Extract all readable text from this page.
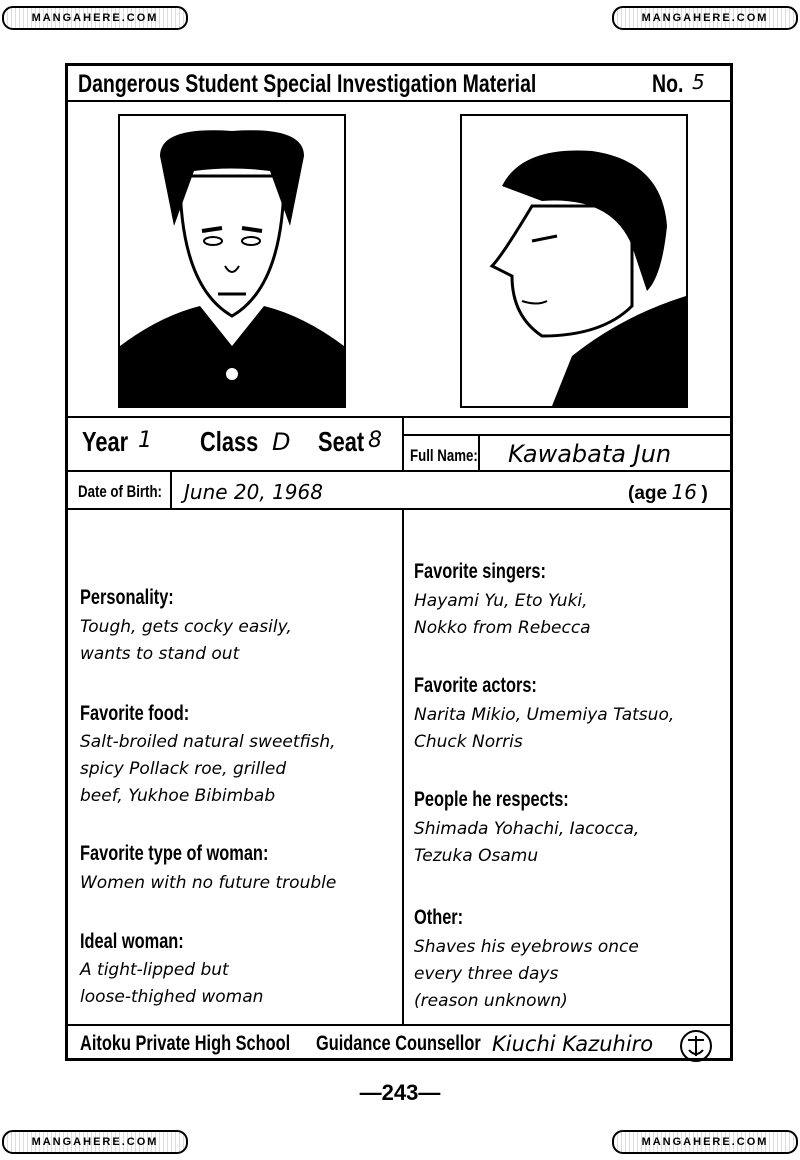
MANGAHERE.COM	MANGAHERE.COM
MANGAHERE.COM	MANGAHERE.COM
Dangerous Student Special Investigation Material	No. 5
Year 1 Class D Seat 8
Full Name: Kawabata Jun
Date of Birth: June 20, 1968	(age 16 )
Personality:
Tough, gets cocky easily,
wants to stand out
Favorite food:
Salt-broiled natural sweetfish,
spicy Pollack roe, grilled
beef, Yukhoe Bibimbab
Favorite type of woman:
Women with no future trouble
Ideal woman:
A tight-lipped but
loose-thighed woman
Favorite singers:
Hayami Yu, Eto Yuki,
Nokko from Rebecca
Favorite actors:
Narita Mikio, Umemiya Tatsuo,
Chuck Norris
People he respects:
Shimada Yohachi, Iacocca,
Tezuka Osamu
Other:
Shaves his eyebrows once
every three days
(reason unknown)
Aitoku Private High School Guidance Counsellor Kiuchi Kazuhiro
—243—
